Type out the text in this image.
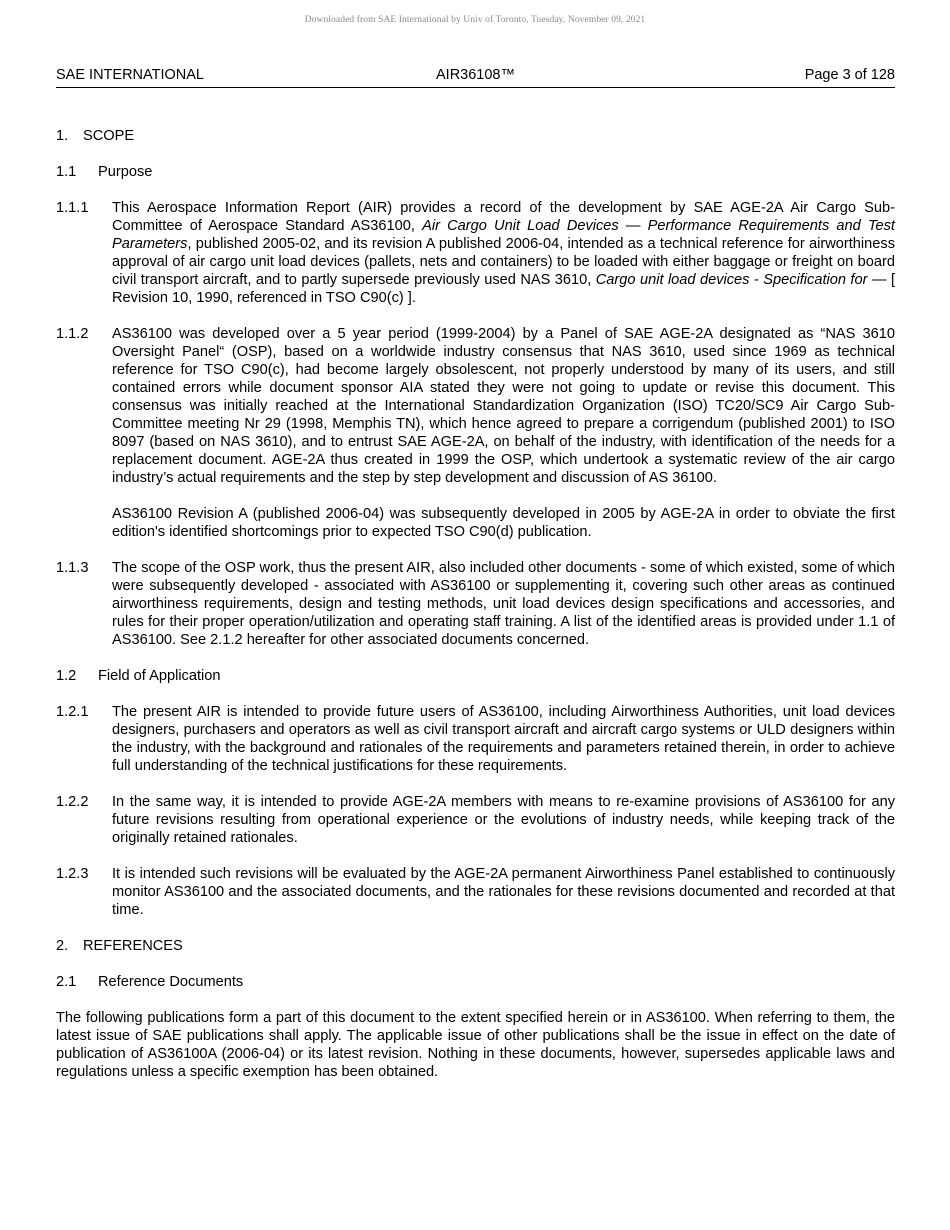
Downloaded from SAE International by Univ of Toronto, Tuesday, November 09, 2021
SAE INTERNATIONAL	AIR36108™	Page 3 of 128
1.	SCOPE
1.1	Purpose
1.1.1	This Aerospace Information Report (AIR) provides a record of the development by SAE AGE-2A Air Cargo Sub-Committee of Aerospace Standard AS36100, Air Cargo Unit Load Devices — Performance Requirements and Test Parameters, published 2005-02, and its revision A published 2006-04, intended as a technical reference for airworthiness approval of air cargo unit load devices (pallets, nets and containers) to be loaded with either baggage or freight on board civil transport aircraft, and to partly supersede previously used NAS 3610, Cargo unit load devices - Specification for — [ Revision 10, 1990, referenced in TSO C90(c) ].
1.1.2	AS36100 was developed over a 5 year period (1999-2004) by a Panel of SAE AGE-2A designated as “NAS 3610 Oversight Panel“ (OSP), based on a worldwide industry consensus that NAS 3610, used since 1969 as technical reference for TSO C90(c), had become largely obsolescent, not properly understood by many of its users, and still contained errors while document sponsor AIA stated they were not going to update or revise this document. This consensus was initially reached at the International Standardization Organization (ISO) TC20/SC9 Air Cargo Sub-Committee meeting Nr 29 (1998, Memphis TN), which hence agreed to prepare a corrigendum (published 2001) to ISO 8097 (based on NAS 3610), and to entrust SAE AGE-2A, on behalf of the industry, with identification of the needs for a replacement document. AGE-2A thus created in 1999 the OSP, which undertook a systematic review of the air cargo industry’s actual requirements and the step by step development and discussion of AS 36100.
AS36100 Revision A (published 2006-04) was subsequently developed in 2005 by AGE-2A in order to obviate the first edition's identified shortcomings prior to expected TSO C90(d) publication.
1.1.3	The scope of the OSP work, thus the present AIR, also included other documents - some of which existed, some of which were subsequently developed - associated with AS36100 or supplementing it, covering such other areas as continued airworthiness requirements, design and testing methods, unit load devices design specifications and accessories, and rules for their proper operation/utilization and operating staff training. A list of the identified areas is provided under 1.1 of AS36100. See 2.1.2 hereafter for other associated documents concerned.
1.2	Field of Application
1.2.1	The present AIR is intended to provide future users of AS36100, including Airworthiness Authorities, unit load devices designers, purchasers and operators as well as civil transport aircraft and aircraft cargo systems or ULD designers within the industry, with the background and rationales of the requirements and parameters retained therein, in order to achieve full understanding of the technical justifications for these requirements.
1.2.2	In the same way, it is intended to provide AGE-2A members with means to re-examine provisions of AS36100 for any future revisions resulting from operational experience or the evolutions of industry needs, while keeping track of the originally retained rationales.
1.2.3	It is intended such revisions will be evaluated by the AGE-2A permanent Airworthiness Panel established to continuously monitor AS36100 and the associated documents, and the rationales for these revisions documented and recorded at that time.
2.	REFERENCES
2.1	Reference Documents
The following publications form a part of this document to the extent specified herein or in AS36100. When referring to them, the latest issue of SAE publications shall apply. The applicable issue of other publications shall be the issue in effect on the date of publication of AS36100A (2006-04) or its latest revision. Nothing in these documents, however, supersedes applicable laws and regulations unless a specific exemption has been obtained.
